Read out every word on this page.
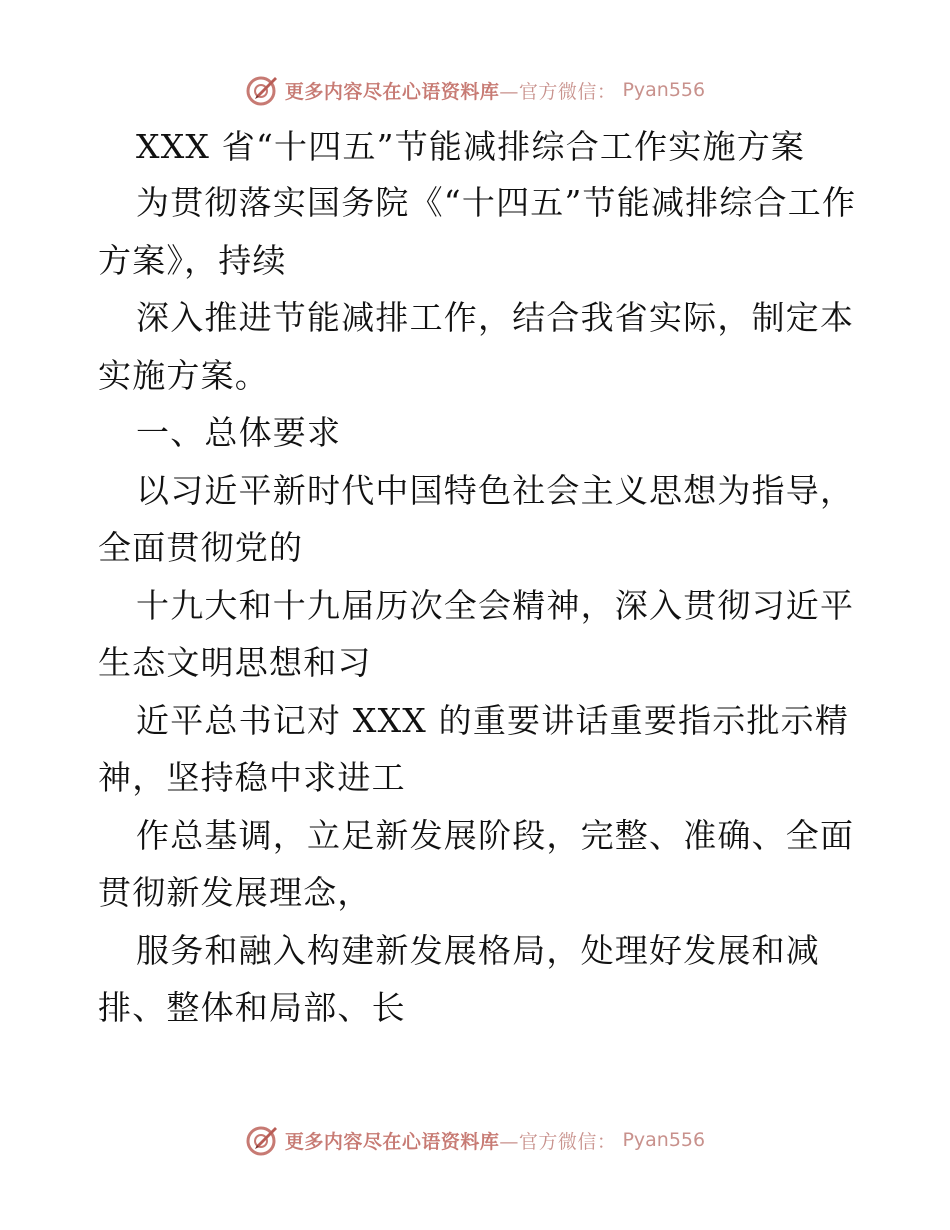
更多内容尽在心语资料库—官方微信： Pyan556

XXX 省“十四五”节能减排综合工作实施方案

为贯彻落实国务院《“十四五”节能减排综合工作方案》，持续

深入推进节能减排工作，结合我省实际，制定本实施方案。

一、总体要求

以习近平新时代中国特色社会主义思想为指导，全面贯彻党的

十九大和十九届历次全会精神，深入贯彻习近平生态文明思想和习

近平总书记对 XXX 的重要讲话重要指示批示精神，坚持稳中求进工

作总基调，立足新发展阶段，完整、准确、全面贯彻新发展理念，

服务和融入构建新发展格局，处理好发展和减排、整体和局部、长

更多内容尽在心语资料库—官方微信： Pyan556
